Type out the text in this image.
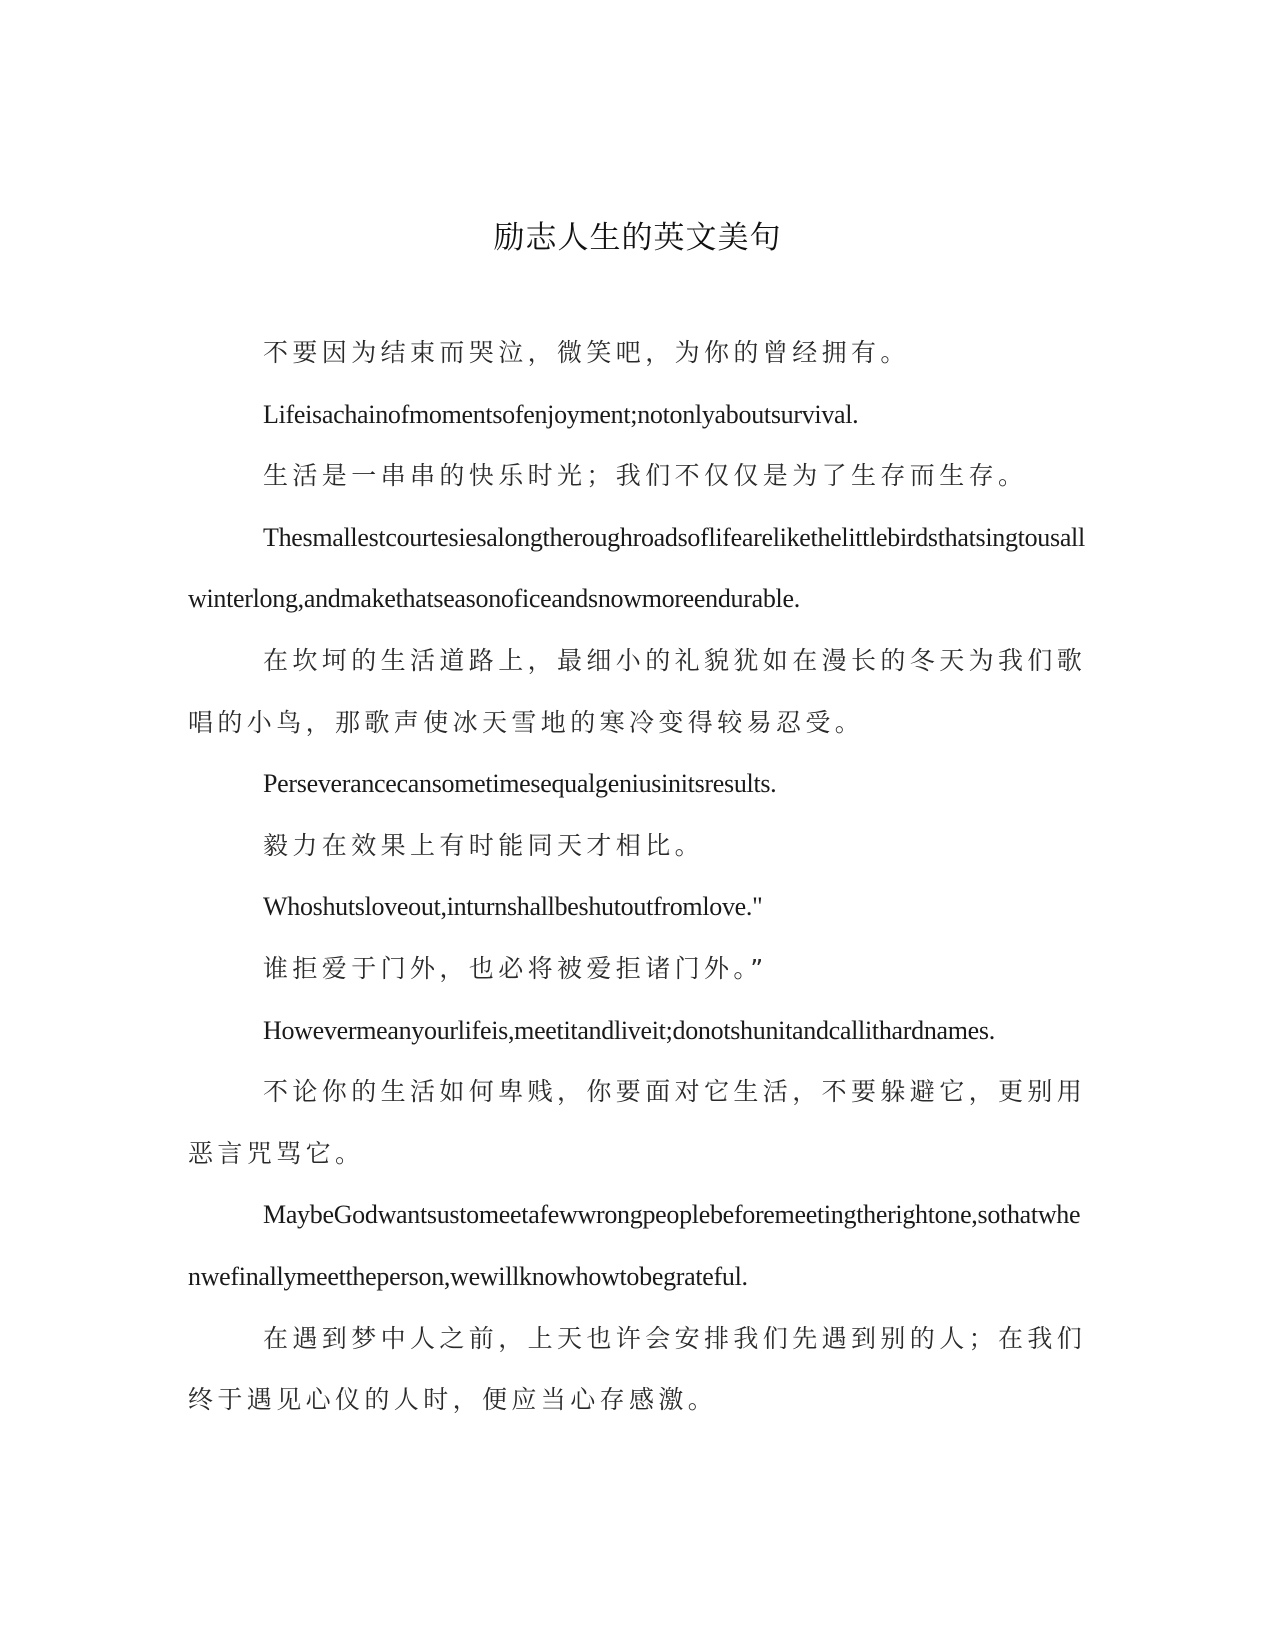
励志人生的英文美句

不要因为结束而哭泣，微笑吧，为你的曾经拥有。

Lifeisachainofmomentsofenjoyment;notonlyaboutsurvival.

生活是一串串的快乐时光；我们不仅仅是为了生存而生存。

Thesmallestcourtesiesalongtheroughroadsoflifearelikethelittlebirdsthatsingtousallwinterlong,andmakethatseasonoficeandsnowmoreendurable.

在坎坷的生活道路上，最细小的礼貌犹如在漫长的冬天为我们歌唱的小鸟，那歌声使冰天雪地的寒冷变得较易忍受。

Perseverancecansometimesequalgeniusinitsresults.

毅力在效果上有时能同天才相比。

Whoshutsloveout,inturnshallbeshutoutfromlove."

谁拒爱于门外，也必将被爱拒诸门外。”

Howevermeanyourlifeis,meetitandliveit;donotshunitandcallithardnames.

不论你的生活如何卑贱，你要面对它生活，不要躲避它，更别用恶言咒骂它。

MaybeGodwantsustomeetafewwrongpeoplebeforemeetingtherightone,sothatwhenwefinallymeettheperson,wewillknowhowtobegrateful.

在遇到梦中人之前，上天也许会安排我们先遇到别的人；在我们终于遇见心仪的人时，便应当心存感激。
